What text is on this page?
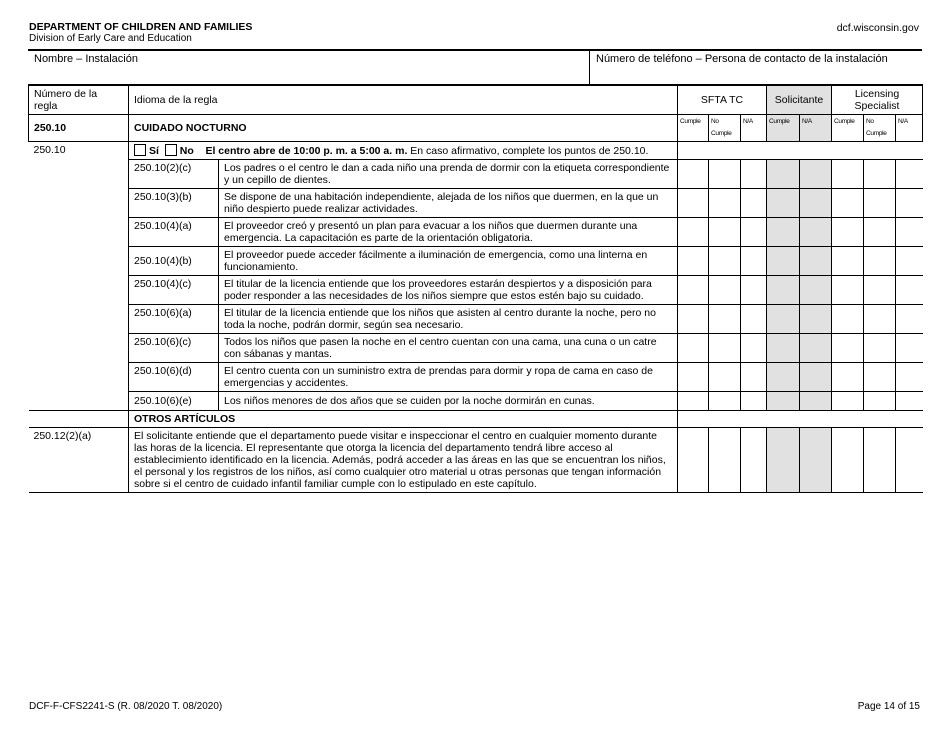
DEPARTMENT OF CHILDREN AND FAMILIES
Division of Early Care and Education
dcf.wisconsin.gov
Nombre – Instalación	Número de teléfono – Persona de contacto de la instalación
Número de la regla	Idioma de la regla		SFTA TC			Solicitante		Licensing Specialist		
250.10	CUIDADO NOCTURNO		Cumple	No Cumple	N/A	Cumple	N/A	Cumple	No Cumple	N/A
250.10	Sí No El centro abre de 10:00 p. m. a 5:00 a. m. En caso afirmativo, complete los puntos de 250.10.									
	250.10(2)(c)	Los padres o el centro le dan a cada niño una prenda de dormir con la etiqueta correspondiente y un cepillo de dientes.								
	250.10(3)(b)	Se dispone de una habitación independiente, alejada de los niños que duermen, en la que un niño despierto puede realizar actividades.								
	250.10(4)(a)	El proveedor creó y presentó un plan para evacuar a los niños que duermen durante una emergencia. La capacitación es parte de la orientación obligatoria.								
	250.10(4)(b)	El proveedor puede acceder fácilmente a iluminación de emergencia, como una linterna en funcionamiento.								
	250.10(4)(c)	El titular de la licencia entiende que los proveedores estarán despiertos y a disposición para poder responder a las necesidades de los niños siempre que estos estén bajo su cuidado.								
	250.10(6)(a)	El titular de la licencia entiende que los niños que asisten al centro durante la noche, pero no toda la noche, podrán dormir, según sea necesario.								
	250.10(6)(c)	Todos los niños que pasen la noche en el centro cuentan con una cama, una cuna o un catre con sábanas y mantas.								
	250.10(6)(d)	El centro cuenta con un suministro extra de prendas para dormir y ropa de cama en caso de emergencias y accidentes.								
	250.10(6)(e)	Los niños menores de dos años que se cuiden por la noche dormirán en cunas.								
	OTROS ARTÍCULOS									
250.12(2)(a)	El solicitante entiende que el departamento puede visitar e inspeccionar el centro en cualquier momento durante las horas de la licencia. El representante que otorga la licencia del departamento tendrá libre acceso al establecimiento identificado en la licencia. Además, podrá acceder a las áreas en las que se encuentran los niños, el personal y los registros de los niños, así como cualquier otro material u otras personas que tengan información sobre si el centro de cuidado infantil familiar cumple con lo estipulado en este capítulo.									
DCF-F-CFS2241-S (R. 08/2020 T. 08/2020)	Page 14 of 15
